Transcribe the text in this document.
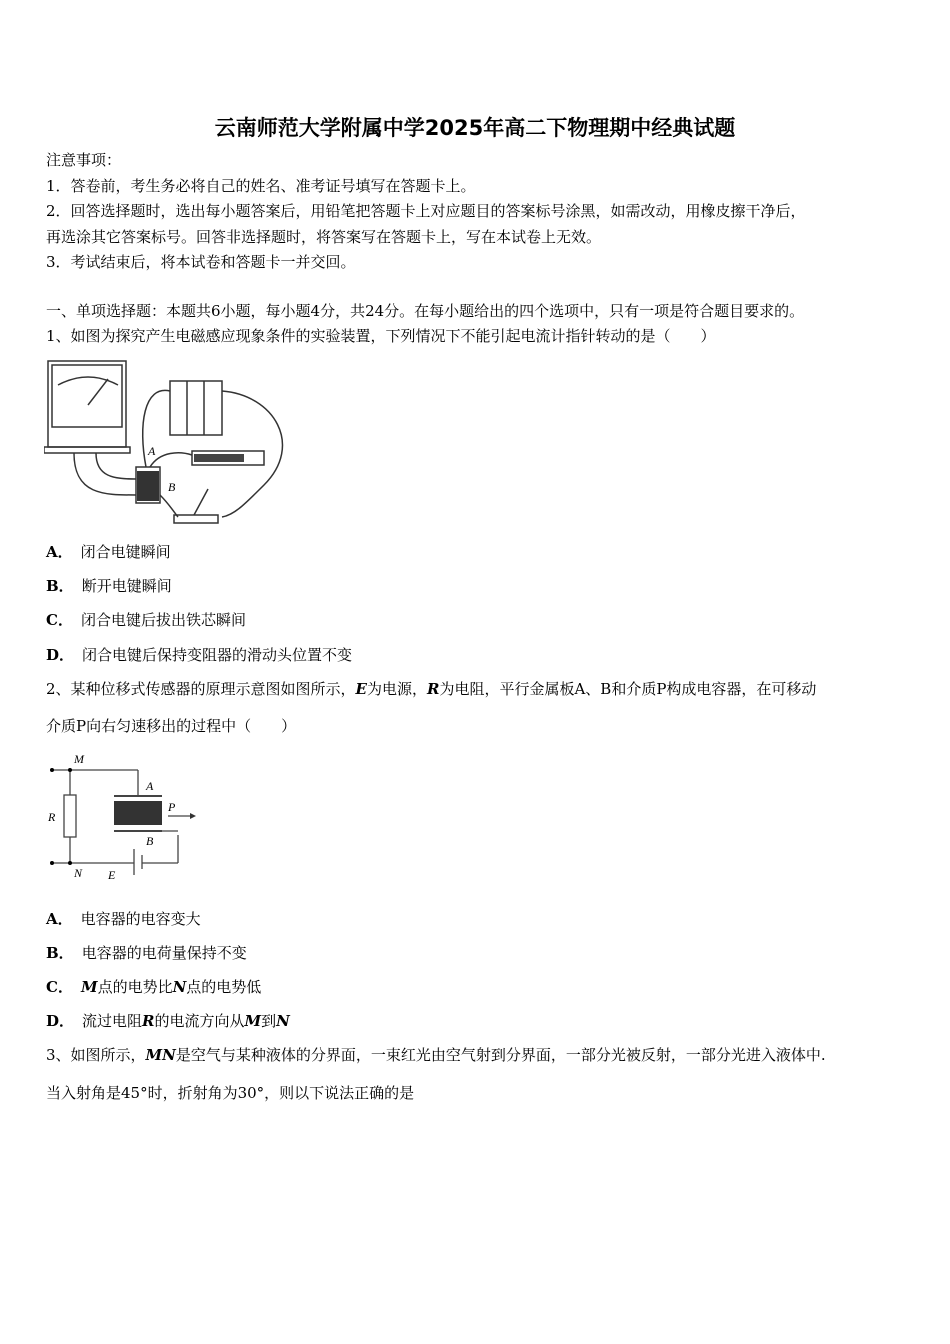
云南师范大学附属中学2025年高二下物理期中经典试题
注意事项：
1．答卷前，考生务必将自己的姓名、准考证号填写在答题卡上。
2．回答选择题时，选出每小题答案后，用铅笔把答题卡上对应题目的答案标号涂黑，如需改动，用橡皮擦干净后，
再选涂其它答案标号。回答非选择题时，将答案写在答题卡上，写在本试卷上无效。
3．考试结束后，将本试卷和答题卡一并交回。
一、单项选择题：本题共6小题，每小题4分，共24分。在每小题给出的四个选项中，只有一项是符合题目要求的。
1、如图为探究产生电磁感应现象条件的实验装置，下列情况下不能引起电流计指针转动的是（　　）
A
B
A． 闭合电键瞬间
B． 断开电键瞬间
C． 闭合电键后拔出铁芯瞬间
D． 闭合电键后保持变阻器的滑动头位置不变
2、某种位移式传感器的原理示意图如图所示，E为电源，R为电阻，平行金属板A、B和介质P构成电容器，在可移动
介质P向右匀速移出的过程中（　　）
M
N
A
B
P
R
E
A． 电容器的电容变大
B． 电容器的电荷量保持不变
C． M点的电势比N点的电势低
D． 流过电阻R的电流方向从M到N
3、如图所示，MN是空气与某种液体的分界面，一束红光由空气射到分界面，一部分光被反射，一部分光进入液体中.
当入射角是45°时，折射角为30°，则以下说法正确的是
